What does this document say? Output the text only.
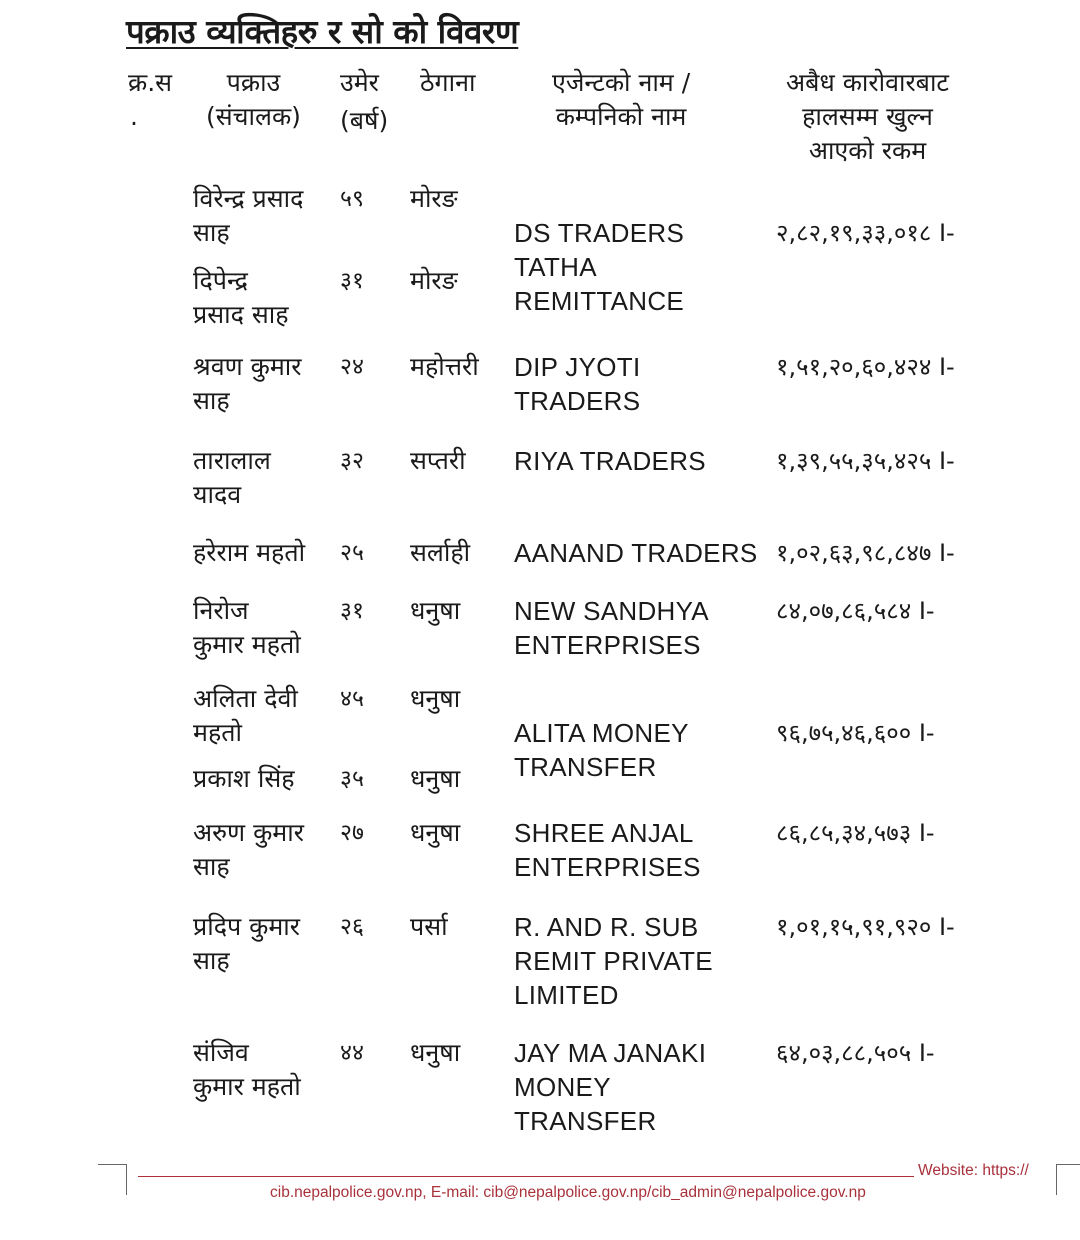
पक्राउ व्यक्तिहरु र सो को विवरण
क्र.स
.
पक्राउ
(संचालक)
उमेर
(बर्ष)
ठेगाना	एजेन्टको नाम /
कम्पनिको नाम
अबैध कारोवारबाट
हालसम्म खुल्न
आएको रकम
विरेन्द्र प्रसाद
साह
५९ मोरङ
दिपेन्द्र
प्रसाद साह
३१ मोरङ
श्रवण कुमार
साह
२४ महोत्तरी
तारालाल
यादव
३२ सप्तरी
हरेराम महतो २५ सर्लाही
निरोज
कुमार महतो
३१ धनुषा
अलिता देवी
महतो
४५ धनुषा
प्रकाश सिंह ३५ धनुषा
अरुण कुमार
साह
२७ धनुषा
प्रदिप कुमार
साह
२६ पर्सा
संजिव
कुमार महतो
४४ धनुषा
DS TRADERS
TATHA
REMITTANCE
२,८२,१९,३३,०१८ I-
DIP JYOTI
TRADERS
१,५१,२०,६०,४२४ I-
RIYA TRADERS	१,३९,५५,३५,४२५ I-
AANAND TRADERS १,०२,६३,९८,८४७ I-
NEW SANDHYA
ENTERPRISES
८४,०७,८६,५८४ I-
ALITA MONEY
TRANSFER
९६,७५,४६,६०० I-
SHREE ANJAL
ENTERPRISES
८६,८५,३४,५७३ I-
R. AND R. SUB
REMIT PRIVATE
LIMITED
१,०१,१५,९१,९२० I-
JAY MA JANAKI
MONEY
TRANSFER
६४,०३,८८,५०५ I-
Website: https://
cib.nepalpolice.gov.np, E-mail: cib@nepalpolice.gov.np/cib_admin@nepalpolice.gov.np
